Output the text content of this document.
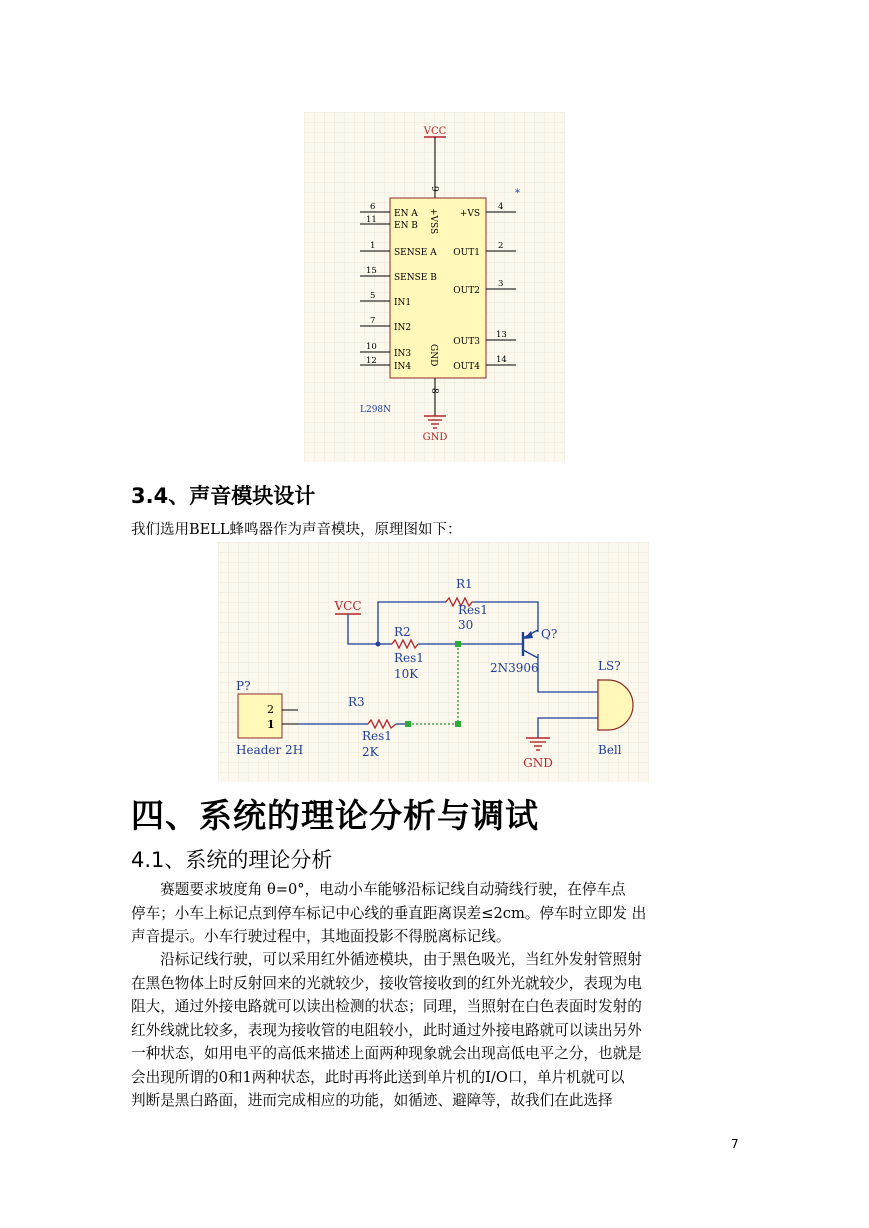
VCC
9
6
11
1
15
5
7
10
12
EN A
EN B
SENSE A
SENSE B
IN1
IN2
IN3
IN4
4
2
3
13
14
+VS
OUT1
OUT2
OUT3
OUT4
+VSS
GND
*
8
L298N
GND
3.4、声音模块设计
我们选用BELL蜂鸣器作为声音模块，原理图如下：
VCC
R1
Res1
30
R2
Res1
10K
R3
Res1
2K
Q?
2N3906	LS?
Bell
GND
P?
2
1
Header 2H
四、系统的理论分析与调试
4.1、系统的理论分析
　　赛题要求坡度角 θ=0°，电动小车能够沿标记线自动骑线行驶，在停车点
停车；小车上标记点到停车标记中心线的垂直距离误差≤2cm。停车时立即发 出
声音提示。小车行驶过程中，其地面投影不得脱离标记线。
　　沿标记线行驶，可以采用红外循迹模块，由于黑色吸光，当红外发射管照射
在黑色物体上时反射回来的光就较少，接收管接收到的红外光就较少，表现为电
阻大，通过外接电路就可以读出检测的状态；同理，当照射在白色表面时发射的
红外线就比较多，表现为接收管的电阻较小，此时通过外接电路就可以读出另外
一种状态，如用电平的高低来描述上面两种现象就会出现高低电平之分，也就是
会出现所谓的0和1两种状态，此时再将此送到单片机的I/O口，单片机就可以
判断是黑白路面，进而完成相应的功能，如循迹、避障等，故我们在此选择
7
